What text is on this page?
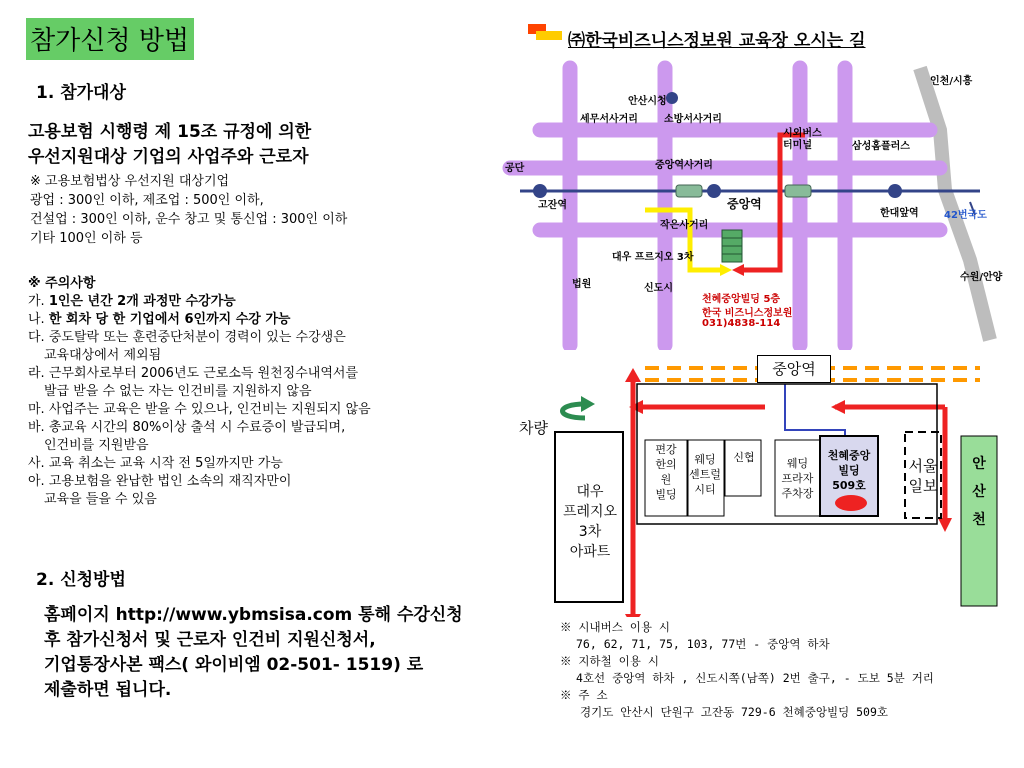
참가신청 방법
1. 참가대상
고용보험 시행령 제 15조 규정에 의한
우선지원대상 기업의 사업주와 근로자
※ 고용보험법상 우선지원 대상기업
광업 : 300인 이하, 제조업 : 500인 이하,
건설업 : 300인 이하, 운수 창고 및 통신업 : 300인 이하
기타 100인 이하 등
※ 주의사항
가. 1인은 년간 2개 과정만 수강가능
나. 한 회차 당 한 기업에서 6인까지 수강 가능
다. 중도탈락 또는 훈련중단처분이 경력이 있는 수강생은
교육대상에서 제외됨
라. 근무회사로부터 2006년도 근로소득 원천징수내역서를
발급 받을 수 없는 자는 인건비를 지원하지 않음
마. 사업주는 교육은 받을 수 있으나, 인건비는 지원되지 않음
바. 총교육 시간의 80%이상 출석 시 수료증이 발급되며,
인건비를 지원받음
사. 교육 취소는 교육 시작 전 5일까지만 가능
아. 고용보험을 완납한 법인 소속의 재직자만이
교육을 들을 수 있음
2. 신청방법
홈페이지 http://www.ybmsisa.com 통해 수강신청
후 참가신청서 및 근로자 인건비 지원신청서,
기업통장사본 팩스( 와이비엠 02-501- 1519) 로
제출하면 됩니다.
㈜한국비즈니스정보원 교육장 오시는 길
안산시청
세무서사거리	소방서사거리
인천/시흥
시외버스
터미널	삼성홈플러스
공단	중앙역사거리
고잔역	중앙역
한대앞역	42번국도
작은사거리
대우 프르지오 3차
수원/안양
법원	신도시
천혜중앙빌딩 5층
한국 비즈니스정보원
031)4838-114
중앙역
차량
대우
프레지오
3차
아파트
편강
한의
원
빌딩
웨딩
센트럴
시티
신협	웨딩
프라자
주차장
천혜중앙
빌딩
509호
서울
일보
안
산
천
※ 시내버스 이용 시
76, 62, 71, 75, 103, 77번 - 중앙역 하차
※ 지하철 이용 시
4호선 중앙역 하차 , 신도시쪽(남쪽) 2번 출구, - 도보 5분 거리
※ 주 소
경기도 안산시 단원구 고잔동 729-6 천혜중앙빌딩 509호
